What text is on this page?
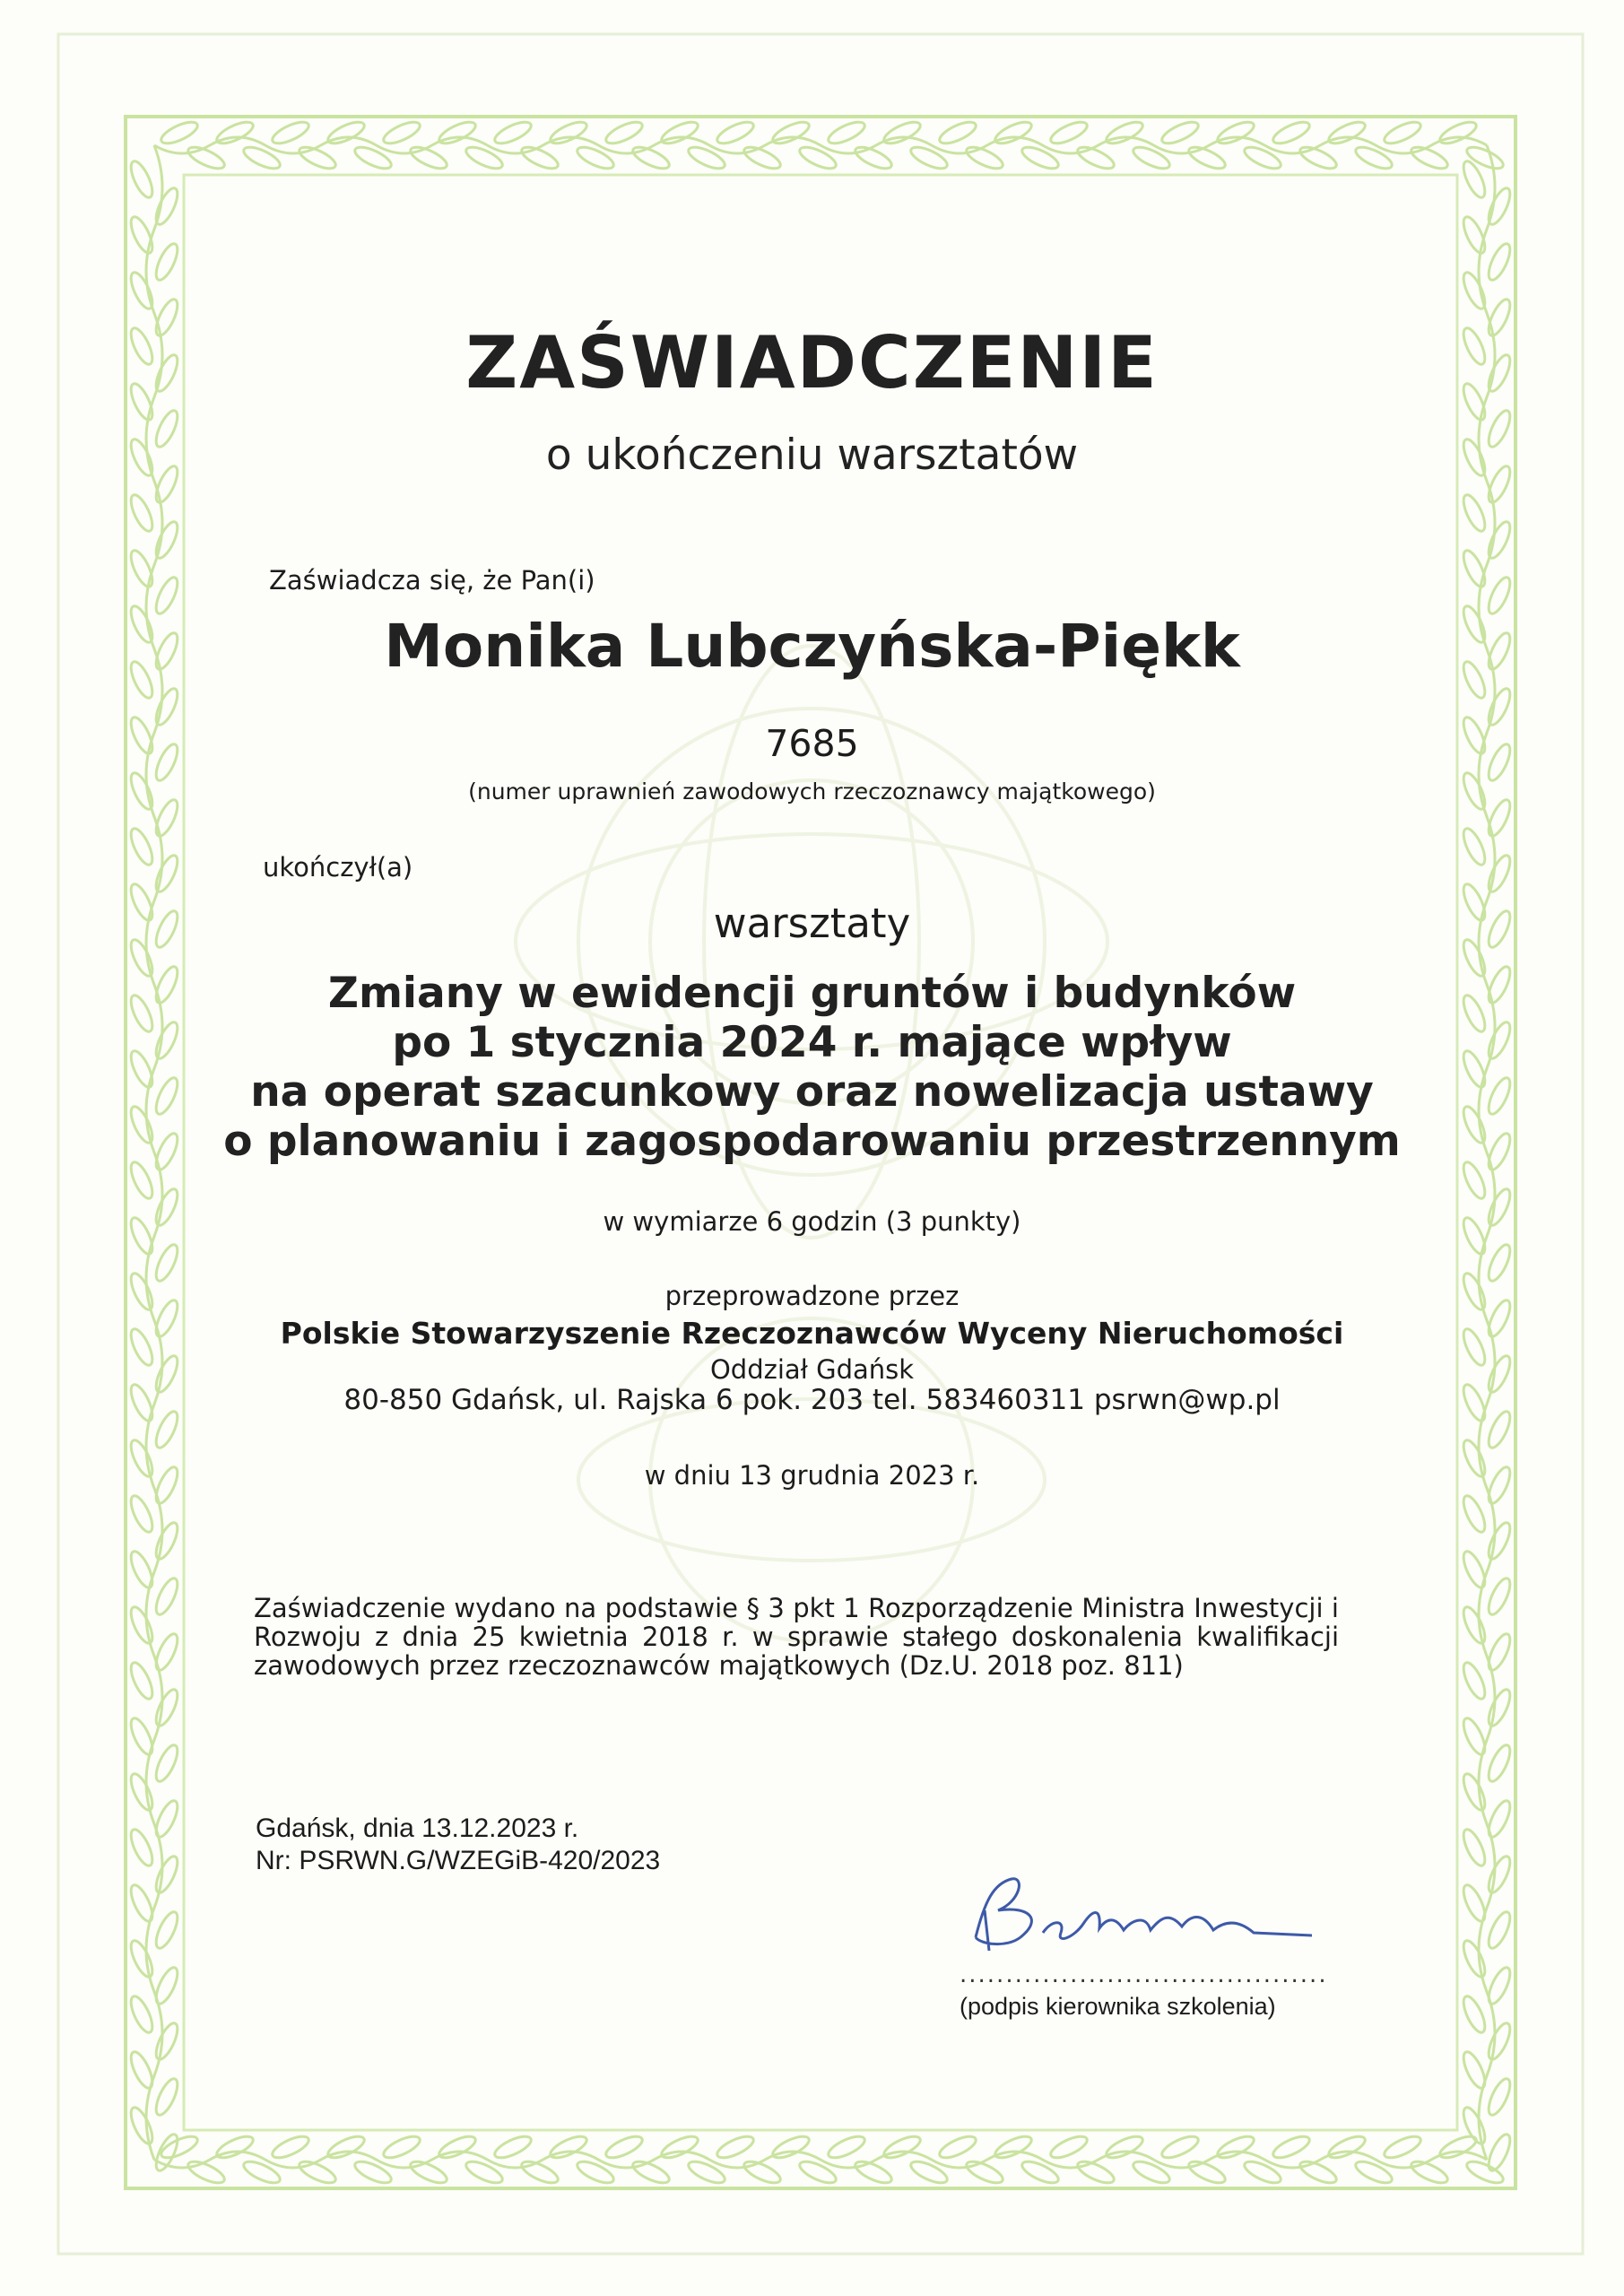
ZAŚWIADCZENIE
o ukończeniu warsztatów
Zaświadcza się, że Pan(i)
Monika Lubczyńska-Piękk
7685
(numer uprawnień zawodowych rzeczoznawcy majątkowego)
ukończył(a)
warsztaty
Zmiany w ewidencji gruntów i budynków
po 1 stycznia 2024 r. mające wpływ
na operat szacunkowy oraz nowelizacja ustawy
o planowaniu i zagospodarowaniu przestrzennym
w wymiarze 6 godzin (3 punkty)
przeprowadzone przez
Polskie Stowarzyszenie Rzeczoznawców Wyceny Nieruchomości
Oddział Gdańsk
80-850 Gdańsk, ul. Rajska 6 pok. 203 tel. 583460311 psrwn@wp.pl
w dniu 13 grudnia 2023 r.
Zaświadczenie wydano na podstawie § 3 pkt 1 Rozporządzenie Ministra Inwestycji i Rozwoju z dnia 25 kwietnia 2018 r. w sprawie stałego doskonalenia kwalifikacji zawodowych przez rzeczoznawców majątkowych (Dz.U. 2018 poz. 811)
Gdańsk, dnia 13.12.2023 r.
Nr: PSRWN.G/WZEGiB-420/2023
........................................
(podpis kierownika szkolenia)
